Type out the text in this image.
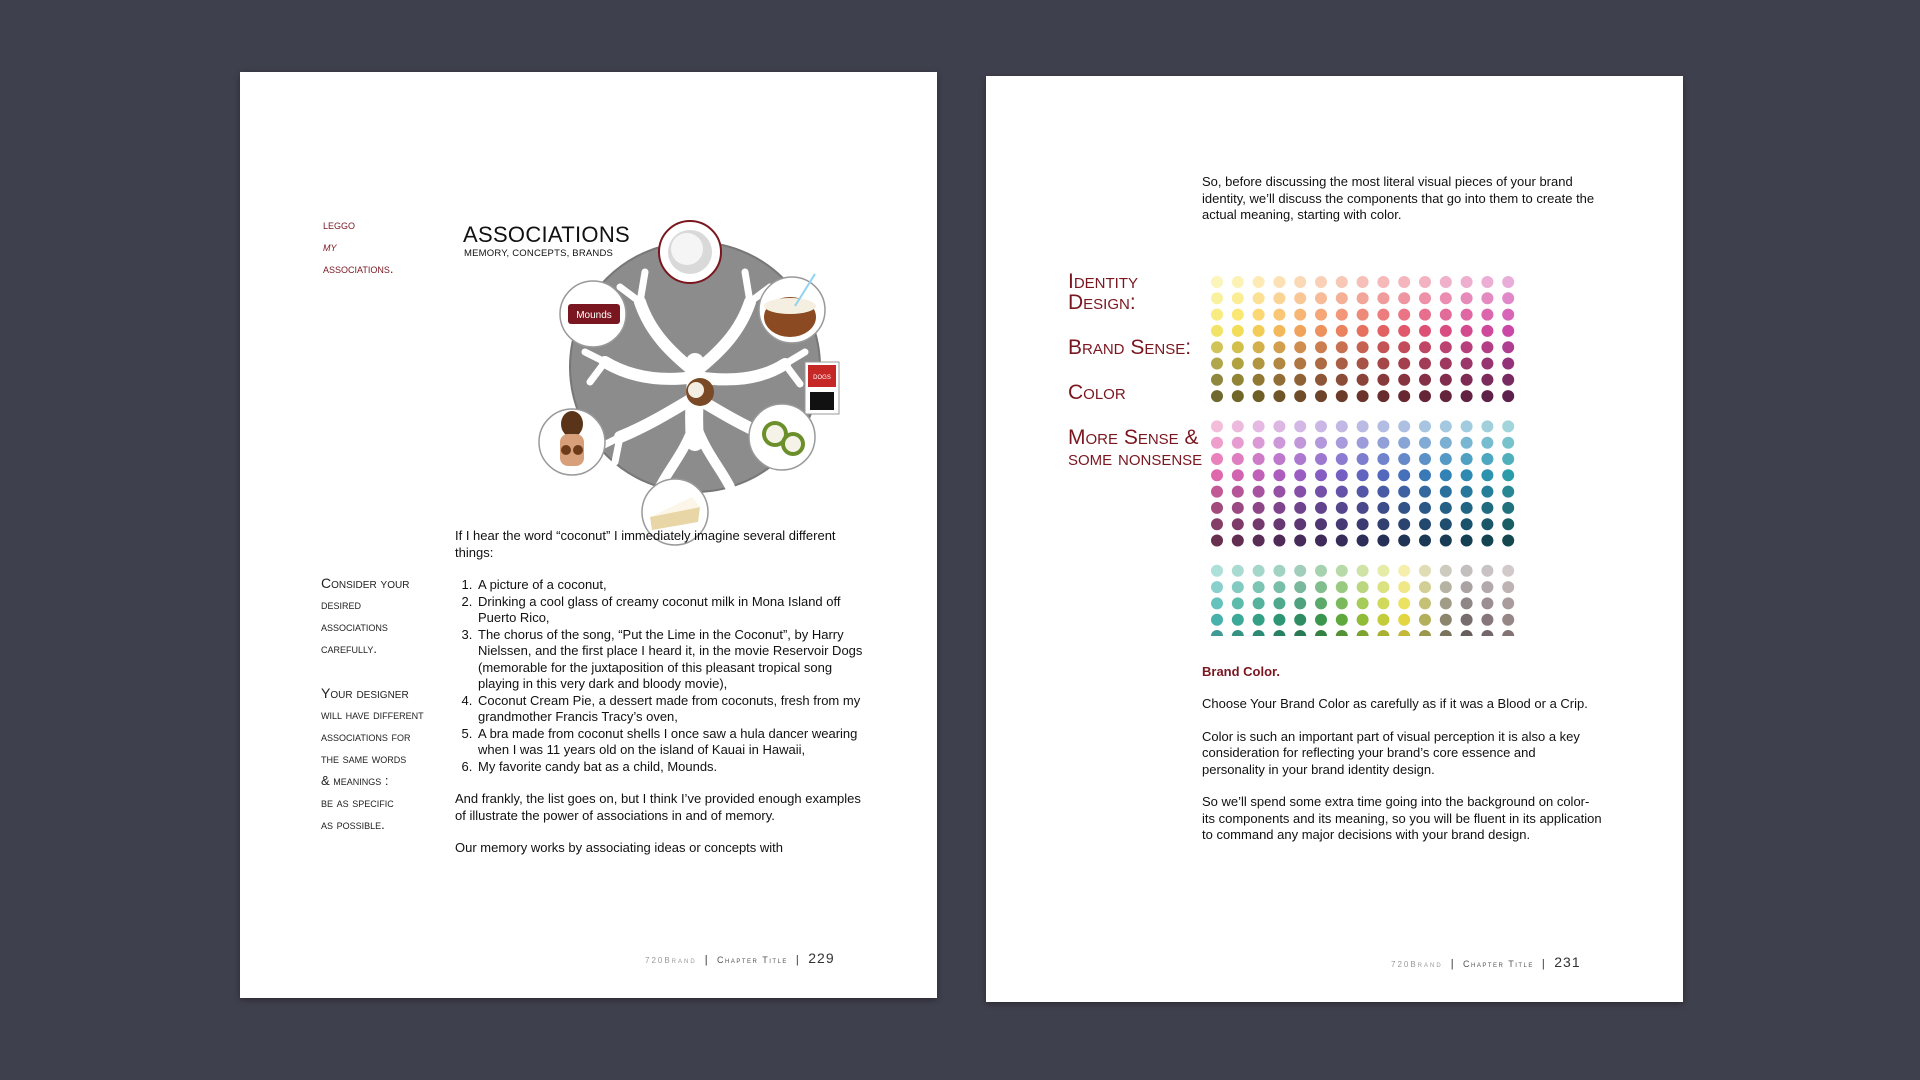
leggo
my
associations.
ASSOCIATIONS
MEMORY, CONCEPTS, BRANDS
Mounds
DOGS
Consider your
desired
associations
carefully.
Your designer
will have different
associations for
the same words
& meanings :
be as specific
as possible.

If I hear the word “coconut” I immediately imagine several different things:

1. A picture of a coconut,
2. Drinking a cool glass of creamy coconut milk in Mona Island off Puerto Rico,
3. The chorus of the song, “Put the Lime in the Coconut”, by Harry Nielssen, and the first place I heard it, in the movie Reservoir Dogs (memorable for the juxtaposition of this pleasant tropical song playing in this very dark and bloody movie),
4. Coconut Cream Pie, a dessert made from coconuts, fresh from my grandmother Francis Tracy’s oven,
5. A bra made from coconut shells I once saw a hula dancer wearing when I was 11 years old on the island of Kauai in Hawaii,
6. My favorite candy bat as a child, Mounds.

And frankly, the list goes on, but I think I’ve provided enough examples of illustrate the power of associations in and of memory.

Our memory works by associating ideas or concepts with

720Brand | Chapter Title | 229

So, before discussing the most literal visual pieces of your brand identity, we’ll discuss the components that go into them to create the actual meaning, starting with color.

Identity Design:
Brand Sense:
Color
More Sense & some nonsense
Brand Color.

Choose Your Brand Color as carefully as if it was a Blood or a Crip.

Color is such an important part of visual perception it is also a key consideration for reflecting your brand’s core essence and personality in your brand identity design.

So we’ll spend some extra time going into the background on color- its components and its meaning, so you will be fluent in its application to command any major decisions with your brand design.

720Brand | Chapter Title | 231
